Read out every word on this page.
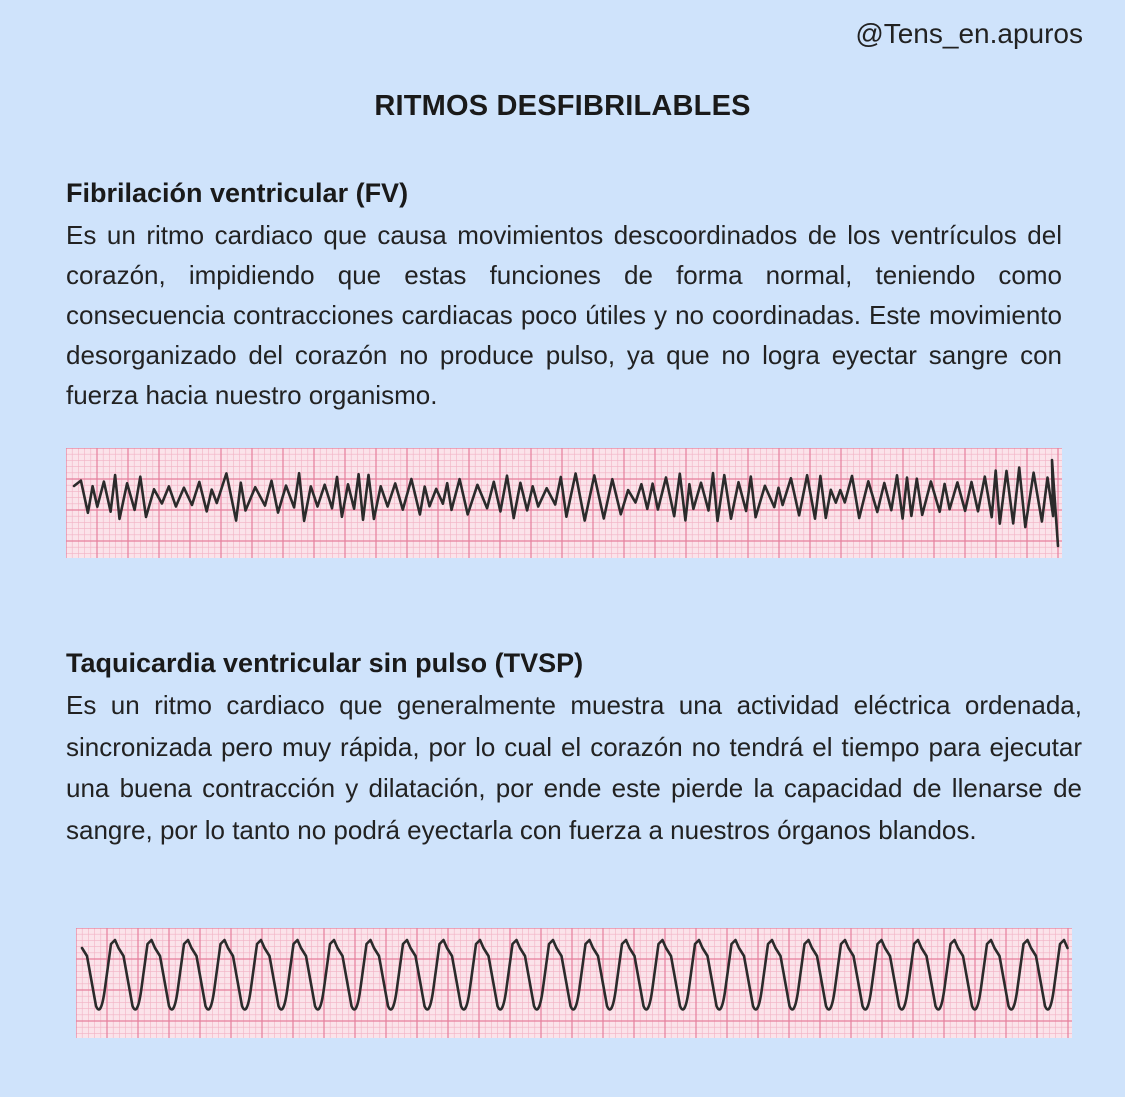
@Tens_en.apuros
RITMOS DESFIBRILABLES
Fibrilación ventricular (FV)

Es un ritmo cardiaco que causa movimientos descoordinados de los ventrículos del corazón, impidiendo que estas funciones de forma normal, teniendo como consecuencia contracciones cardiacas poco útiles y no coordinadas. Este movimiento desorganizado del corazón no produce pulso, ya que no logra eyectar sangre con fuerza hacia nuestro organismo.

Taquicardia ventricular sin pulso (TVSP)

Es un ritmo cardiaco que generalmente muestra una actividad eléctrica ordenada, sincronizada pero muy rápida, por lo cual el corazón no tendrá el tiempo para ejecutar una buena contracción y dilatación, por ende este pierde la capacidad de llenarse de sangre, por lo tanto no podrá eyectarla con fuerza a nuestros órganos blandos.
